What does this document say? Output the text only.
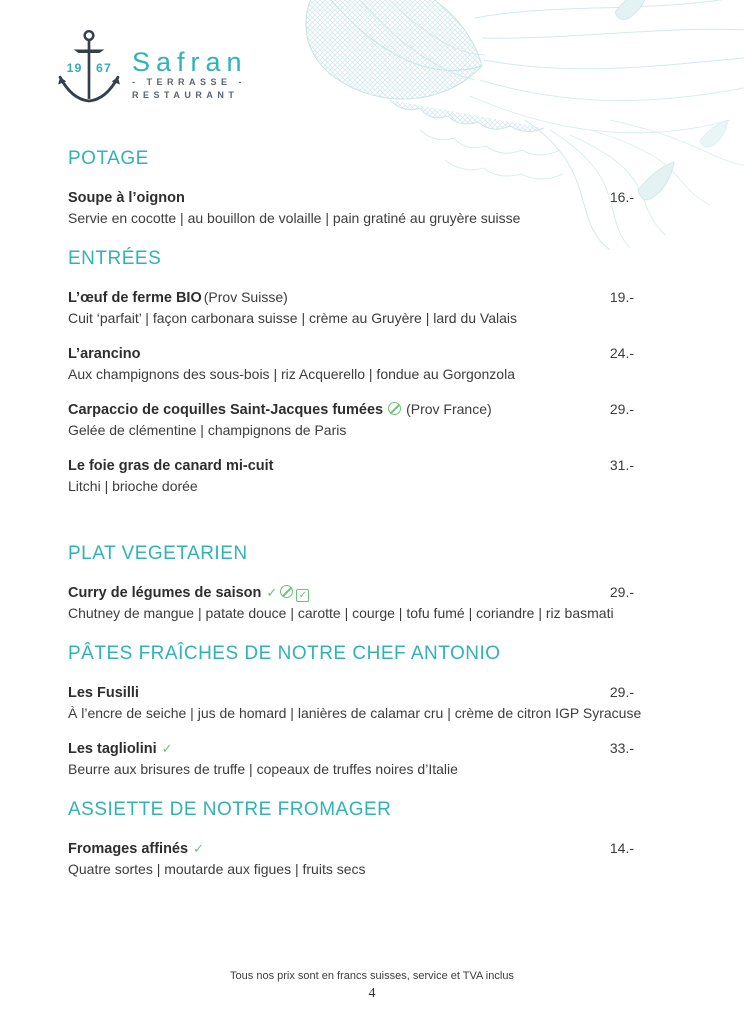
19 67 Safran
- TERRASSE -
RESTAURANT
POTAGE
Soupe à l’oignon	16.-
Servie en cocotte | au bouillon de volaille | pain gratiné au gruyère suisse
ENTRÉES
L’œuf de ferme BIO (Prov Suisse)	19.-
Cuit ‘parfait’ | façon carbonara suisse | crème au Gruyère | lard du Valais
L’arancino	24.-
Aux champignons des sous-bois | riz Acquerello | fondue au Gorgonzola
Carpaccio de coquilles Saint-Jacques fumées (Prov France)	29.-
Gelée de clémentine | champignons de Paris
Le foie gras de canard mi-cuit	31.-
Litchi | brioche dorée
PLAT VEGETARIEN
Curry de légumes de saison ✓ ✓	29.-
Chutney de mangue | patate douce | carotte | courge | tofu fumé | coriandre | riz basmati
PÂTES FRAÎCHES DE NOTRE CHEF ANTONIO
Les Fusilli	29.-
À l’encre de seiche | jus de homard | lanières de calamar cru | crème de citron IGP Syracuse
Les tagliolini ✓	33.-
Beurre aux brisures de truffe | copeaux de truffes noires d’Italie
ASSIETTE DE NOTRE FROMAGER
Fromages affinés ✓	14.-
Quatre sortes | moutarde aux figues | fruits secs
Tous nos prix sont en francs suisses, service et TVA inclus
4
